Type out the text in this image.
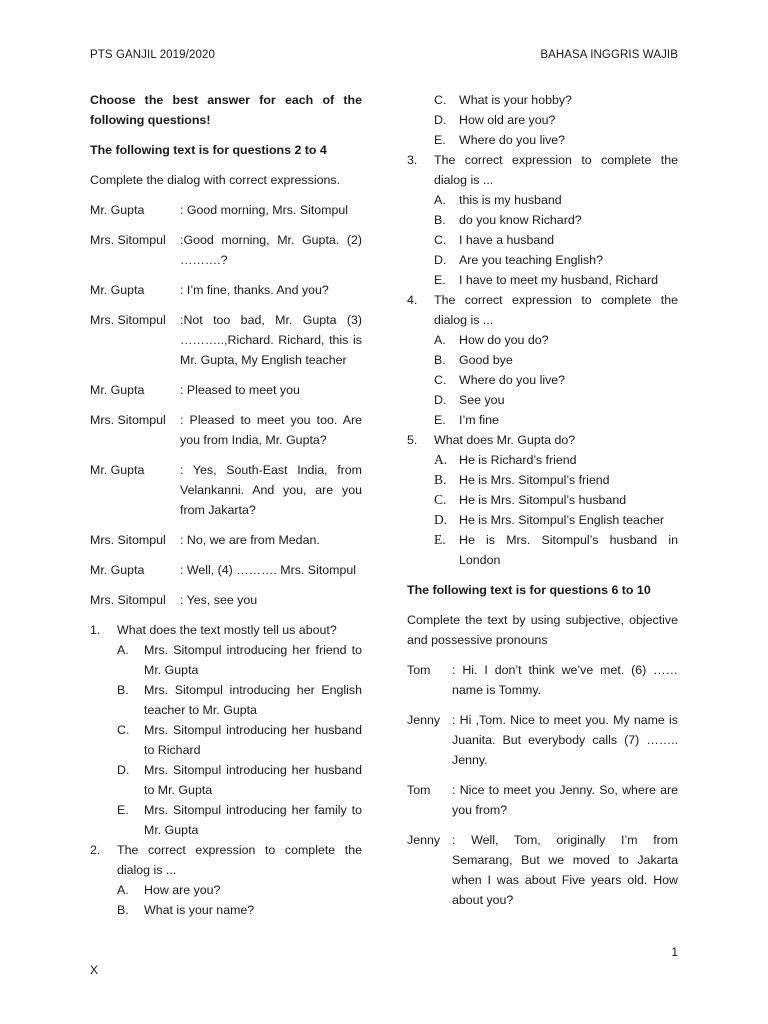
PTS GANJIL 2019/2020	BAHASA INGGRIS WAJIB
Choose the best answer for each of the following questions!
The following text is for questions 2 to 4
Complete the dialog with correct expressions.
Mr. Gupta	: Good morning, Mrs. Sitompul
Mrs. Sitompul	:Good morning, Mr. Gupta. (2) ……….?
Mr. Gupta	: I’m fine, thanks. And you?
Mrs. Sitompul	:Not too bad, Mr. Gupta (3) ………..,Richard. Richard, this is Mr. Gupta, My English teacher
Mr. Gupta	: Pleased to meet you
Mrs. Sitompul	: Pleased to meet you too. Are you from India, Mr. Gupta?
Mr. Gupta	: Yes, South-East India, from Velankanni. And you, are you from Jakarta?
Mrs. Sitompul	: No, we are from Medan.
Mr. Gupta	: Well, (4) ………. Mrs. Sitompul
Mrs. Sitompul	: Yes, see you
1.	What does the text mostly tell us about?
A.	Mrs. Sitompul introducing her friend to Mr. Gupta
B.	Mrs. Sitompul introducing her English teacher to Mr. Gupta
C.	Mrs. Sitompul introducing her husband to Richard
D.	Mrs. Sitompul introducing her husband to Mr. Gupta
E.	Mrs. Sitompul introducing her family to Mr. Gupta
2.	The correct expression to complete the dialog is ...
A.	How are you?
B.	What is your name?
C.	What is your hobby?
D.	How old are you?
E.	Where do you live?
3.	The correct expression to complete the dialog is ...
A.	this is my husband
B.	do you know Richard?
C.	I have a husband
D.	Are you teaching English?
E.	I have to meet my husband, Richard
4.	The correct expression to complete the dialog is ...
A.	How do you do?
B.	Good bye
C.	Where do you live?
D.	See you
E.	I’m fine
5.	What does Mr. Gupta do?
A. He is Richard’s friend
B.	He is Mrs. Sitompul’s friend
C.	He is Mrs. Sitompul’s husband
D. He is Mrs. Sitompul’s English teacher
E.	He is Mrs. Sitompul’s husband in London
The following text is for questions 6 to 10
Complete the text by using subjective, objective and possessive pronouns
Tom	: Hi. I don’t think we’ve met. (6) …… name is Tommy.
Jenny : Hi ,Tom. Nice to meet you. My name is Juanita. But everybody calls (7) …….. Jenny.
Tom	: Nice to meet you Jenny. So, where are you from?
Jenny : Well, Tom, originally I’m from Semarang, But we moved to Jakarta when I was about Five years old. How about you?
1
X
